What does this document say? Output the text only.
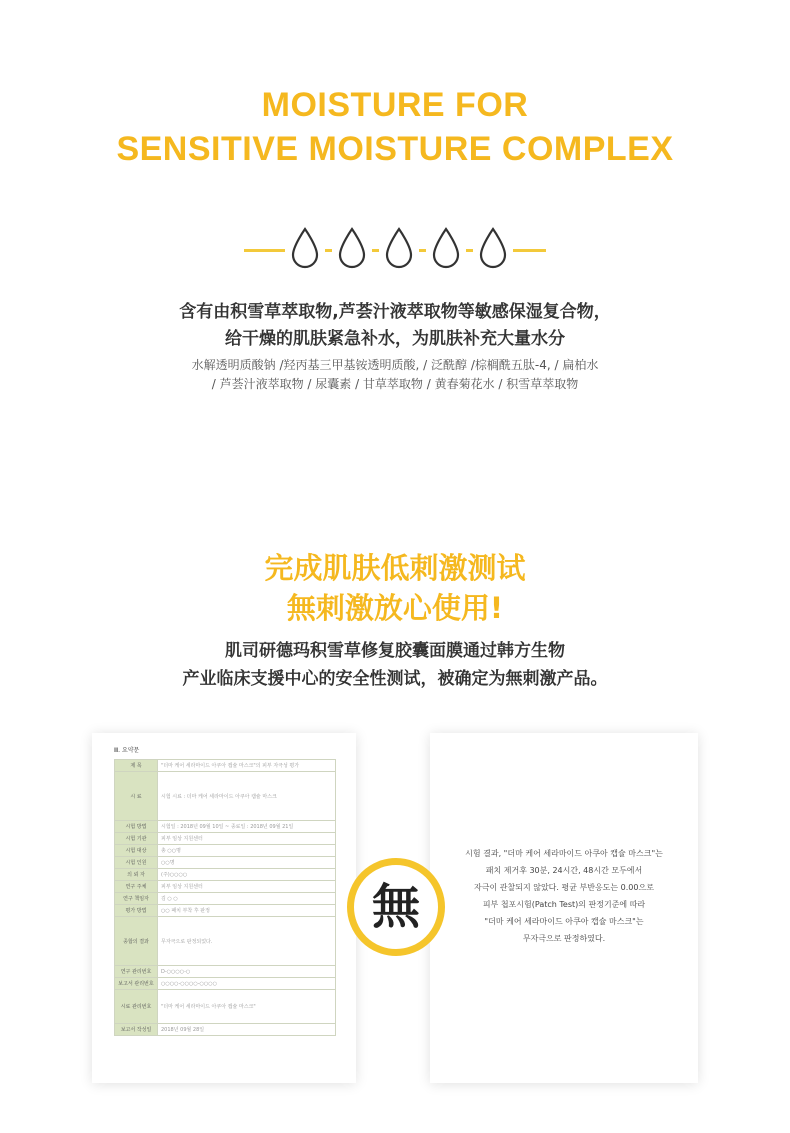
MOISTURE FOR
SENSITIVE MOISTURE COMPLEX
含有由积雪草萃取物,芦荟汁液萃取物等敏感保湿复合物，
给干燥的肌肤紧急补水，为肌肤补充大量水分
水解透明质酸钠 /羟丙基三甲基铵透明质酸, / 泛酰醇 /棕榈酰五肽-4, / 扁柏水
/ 芦荟汁液萃取物 / 尿囊素 / 甘草萃取物 / 黄春菊花水 / 积雪草萃取物
完成肌肤低刺激测试
無刺激放心使用!
肌司研德玛积雪草修复胶囊面膜通过韩方生物
产业临床支援中心的安全性测试，被确定为無刺激产品。
Ⅲ. 요약문
제 목	"더마 케어 세라마이드 아쿠아 캡슐 마스크"의 피부 자극성 평가
시 료	시험 시료 : 더마 케어 세라마이드 아쿠아 캡슐 마스크
시험 방법	시험일 : 2018년 09월 10일 ~ 종료일 : 2018년 09월 21일
시험 기관	피부 임상 지원센터
시험 대상	총 ○○명
시험 인원	○○명
의 뢰 자	(주)○○○○
연구 주체	피부 임상 지원센터
연구 책임자	김 ○ ○
평가 방법	○○ 패치 부착 후 판정
종합의 결과	무자극으로 판정되었다.
연구 관리번호	D-○○○○-○
보고서 관리번호	○○○○-○○○○-○○○○
시료 관리번호	"더마 케어 세라마이드 아쿠아 캡슐 마스크"
보고서 작성일	2018년 09월 28일
시험 결과, "더마 케어 세라마이드 아쿠아 캡슐 마스크"는
패치 제거후 30분, 24시간, 48시간 모두에서
자극이 관찰되지 않았다. 평균 부반응도는 0.00으로
피부 첩포시험(Patch Test)의 판정기준에 따라
"더마 케어 세라마이드 아쿠아 캡슐 마스크"는
무자극으로 판정하였다.
無
